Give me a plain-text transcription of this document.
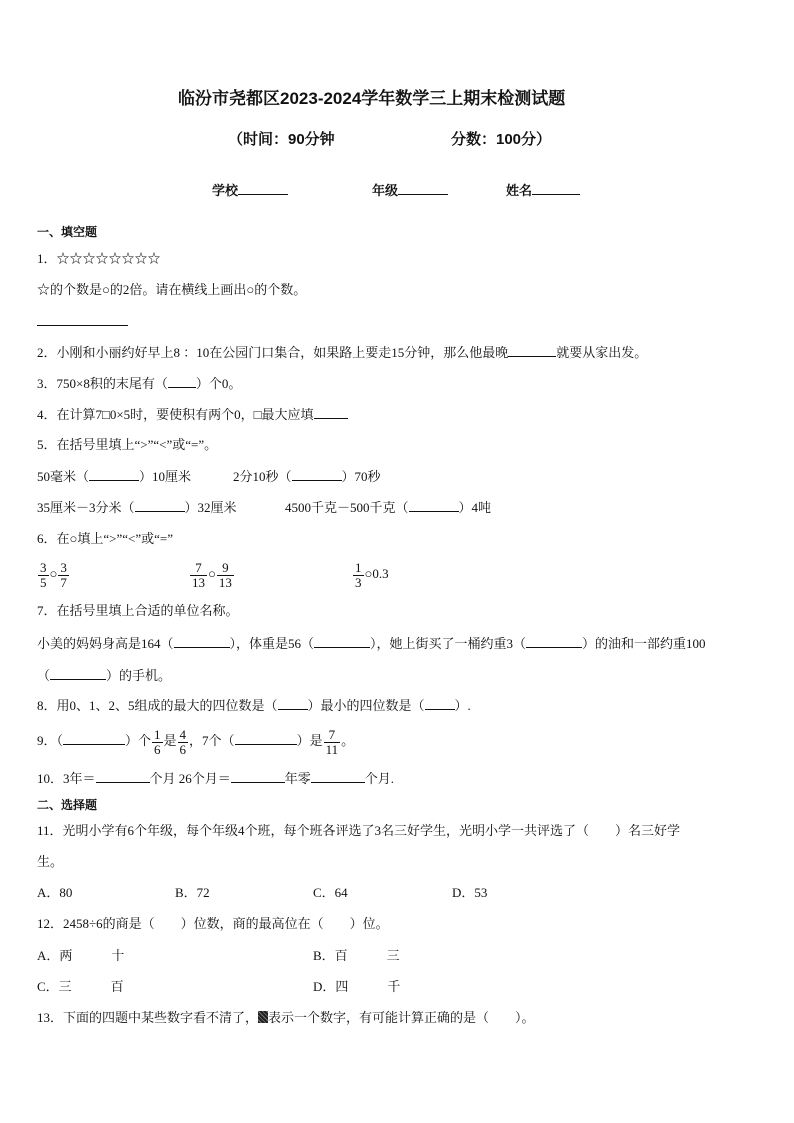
临汾市尧都区2023-2024学年数学三上期末检测试题
（时间：90分钟	分数：100分）
学校	年级	姓名
一、填空题
1．☆☆☆☆☆☆☆☆
☆的个数是○的2倍。请在横线上画出○的个数。
2．小刚和小丽约好早上8 ：10在公园门口集合，如果路上要走15分钟，那么他最晚	就要从家出发。
3．750×8积的末尾有（ ）个0。
4．在计算7□0×5时，要使积有两个0，□最大应填
5．在括号里填上“>”“<”或“=”。
50毫米（	）10厘米	2分10秒（	）70秒
35厘米－3分米（	）32厘米	4500千克－500千克（	）4吨
6．在○填上“>”“<”或“=”
$\frac{3}{5}$ ○ $\frac{3}{7}$	$\frac{7}{13}$ ○ $\frac{9}{13}$	$\frac{1}{3}$ ○0.3
7．在括号里填上合适的单位名称。
小美的妈妈身高是164（	），体重是56（	），她上街买了一桶约重3（	）的油和一部约重100
（	）的手机。
8．用0、1、2、5组成的最大的四位数是（ ）最小的四位数是（ ）.
9．（	）个 $\frac{1}{6}$ 是 $\frac{4}{6}$ ，7个（	）是 $\frac{7}{11}$ 。
10．3年＝	个月 26个月＝	年零	个月.
二、选择题
11．光明小学有6个年级，每个年级4个班，每个班各评选了3名三好学生，光明小学一共评选了（　　）名三好学
生。
A．80	B．72	C．64	D．53
12．2458÷6的商是（　　）位数，商的最高位在（　　）位。
A．两　　　十	B．百　　　三
C．三　　　百	D．四　　　千
13．下面的四题中某些数字看不清了， 表示一个数字，有可能计算正确的是（　　）。
